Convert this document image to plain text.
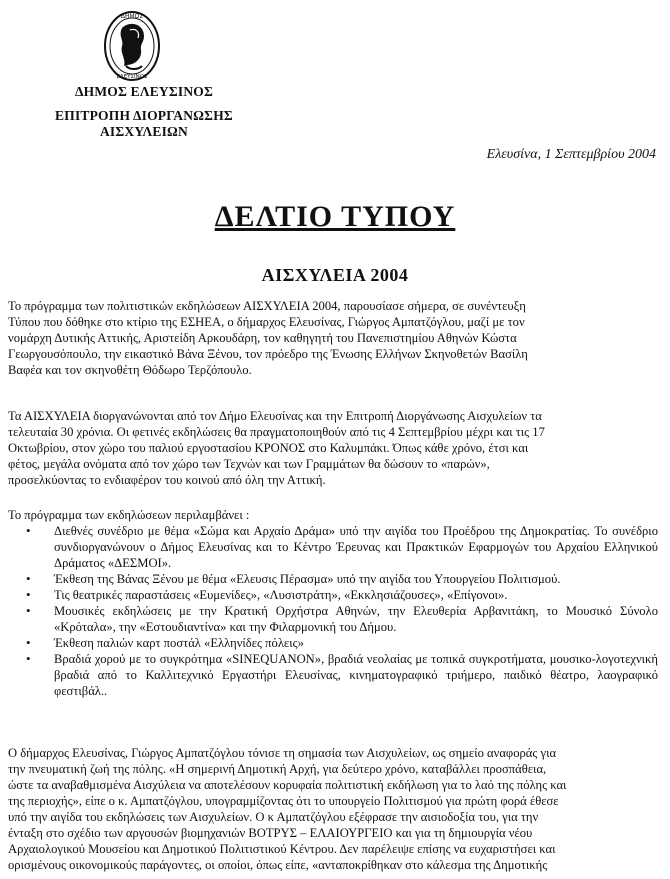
ΔΗΜΟΣ
ΕΛΕΥΣΙΝΟΣ
ΔΗΜΟΣ ΕΛΕΥΣΙΝΟΣ
ΕΠΙΤΡΟΠΗ ΔΙΟΡΓΑΝΩΣΗΣ
ΑΙΣΧΥΛΕΙΩΝ
Ελευσίνα, 1 Σεπτεμβρίου 2004
ΔΕΛΤΙΟ ΤΥΠΟΥ
ΑΙΣΧΥΛΕΙΑ 2004
Το πρόγραμμα των πολιτιστικών εκδηλώσεων ΑΙΣΧΥΛΕΙΑ 2004, παρουσίασε σήμερα, σε συνέντευξη
Τύπου που δόθηκε στο κτίριο της ΕΣΗΕΑ, ο δήμαρχος Ελευσίνας, Γιώργος Αμπατζόγλου, μαζί με τον
νομάρχη Δυτικής Αττικής, Αριστείδη Αρκουδάρη, τον καθηγητή του Πανεπιστημίου Αθηνών Κώστα
Γεωργουσόπουλο, την εικαστικό Βάνα Ξένου, τον πρόεδρο της Ένωσης Ελλήνων Σκηνοθετών Βασίλη
Βαφέα και τον σκηνοθέτη Θόδωρο Τερζόπουλο.
Τα ΑΙΣΧΥΛΕΙΑ διοργανώνονται από τον Δήμο Ελευσίνας και την Επιτροπή Διοργάνωσης Αισχυλείων τα
τελευταία 30 χρόνια. Οι φετινές εκδηλώσεις θα πραγματοποιηθούν από τις 4 Σεπτεμβρίου μέχρι και τις 17
Οκτωβρίου, στον χώρο του παλιού εργοστασίου ΚΡΟΝΟΣ στο Καλυμπάκι. Όπως κάθε χρόνο, έτσι και
φέτος, μεγάλα ονόματα από τον χώρο των Τεχνών και των Γραμμάτων θα δώσουν το «παρών»,
προσελκύοντας το ενδιαφέρον του κοινού από όλη την Αττική.
Το πρόγραμμα των εκδηλώσεων περιλαμβάνει :
• Διεθνές συνέδριο με θέμα «Σώμα και Αρχαίο Δράμα» υπό την αιγίδα του Προέδρου της Δημοκρατίας. Το συνέδριο συνδιοργανώνουν ο Δήμος Ελευσίνας και το Κέντρο Έρευνας και Πρακτικών Εφαρμογών του Αρχαίου Ελληνικού Δράματος «ΔΕΣΜΟΙ».
• Έκθεση της Βάνας Ξένου με θέμα «Ελευσις Πέρασμα» υπό την αιγίδα του Υπουργείου Πολιτισμού.
• Τις θεατρικές παραστάσεις «Ευμενίδες», «Λυσιστράτη», «Εκκλησιάζουσες», «Επίγονοι».
• Μουσικές εκδηλώσεις με την Κρατική Ορχήστρα Αθηνών, την Ελευθερία Αρβανιτάκη, το Μουσικό Σύνολο «Κρόταλα», την «Εστουδιαντίνα» και την Φιλαρμονική του Δήμου.
• Έκθεση παλιών καρτ ποστάλ «Ελληνίδες πόλεις»
• Βραδιά χορού με το συγκρότημα «SINEQUANON», βραδιά νεολαίας με τοπικά συγκροτήματα, μουσικο-λογοτεχνική βραδιά από το Καλλιτεχνικό Εργαστήρι Ελευσίνας, κινηματογραφικό τριήμερο, παιδικό θέατρο, λαογραφικό φεστιβάλ..
Ο δήμαρχος Ελευσίνας, Γιώργος Αμπατζόγλου τόνισε τη σημασία των Αισχυλείων, ως σημείο αναφοράς για
την πνευματική ζωή της πόλης. «Η σημερινή Δημοτική Αρχή, για δεύτερο χρόνο, καταβάλλει προσπάθεια,
ώστε τα αναβαθμισμένα Αισχύλεια να αποτελέσουν κορυφαία πολιτιστική εκδήλωση για το λαό της πόλης και
της περιοχής», είπε ο κ. Αμπατζόγλου, υπογραμμίζοντας ότι το υπουργείο Πολιτισμού για πρώτη φορά έθεσε
υπό την αιγίδα του εκδηλώσεις των Αισχυλείων. Ο κ Αμπατζόγλου εξέφρασε την αισιοδοξία του, για την
ένταξη στο σχέδιο των αργουσών βιομηχανιών ΒΟΤΡΥΣ – ΕΛΑΙΟΥΡΓΕΙΟ και για τη δημιουργία νέου
Αρχαιολογικού Μουσείου και Δημοτικού Πολιτιστικού Κέντρου. Δεν παρέλειψε επίσης να ευχαριστήσει και
ορισμένους οικονομικούς παράγοντες, οι οποίοι, όπως είπε, «ανταποκρίθηκαν στο κάλεσμα της Δημοτικής
